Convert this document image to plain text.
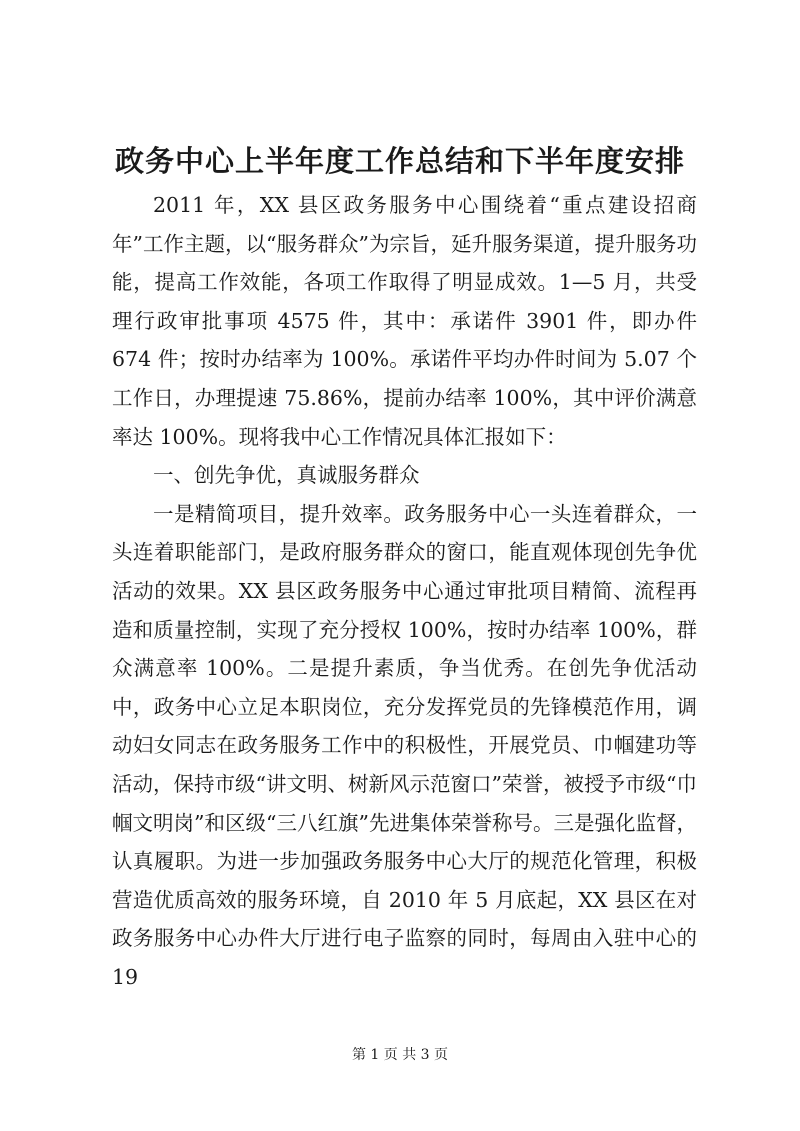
政务中心上半年度工作总结和下半年度安排

2011 年，XX 县区政务服务中心围绕着“重点建设招商年”工作主题，以“服务群众”为宗旨，延升服务渠道，提升服务功能，提高工作效能，各项工作取得了明显成效。1—5 月，共受理行政审批事项 4575 件，其中：承诺件 3901 件，即办件 674 件；按时办结率为 100%。承诺件平均办件时间为 5.07 个工作日，办理提速 75.86%，提前办结率 100%，其中评价满意率达 100%。现将我中心工作情况具体汇报如下：

一、创先争优，真诚服务群众

一是精简项目，提升效率。政务服务中心一头连着群众，一头连着职能部门，是政府服务群众的窗口，能直观体现创先争优活动的效果。XX 县区政务服务中心通过审批项目精简、流程再造和质量控制，实现了充分授权 100%，按时办结率 100%，群众满意率 100%。二是提升素质，争当优秀。在创先争优活动中，政务中心立足本职岗位，充分发挥党员的先锋模范作用，调动妇女同志在政务服务工作中的积极性，开展党员、巾帼建功等活动，保持市级“讲文明、树新风示范窗口”荣誉，被授予市级“巾帼文明岗”和区级“三八红旗”先进集体荣誉称号。三是强化监督，认真履职。为进一步加强政务服务中心大厅的规范化管理，积极营造优质高效的服务环境，自 2010 年 5 月底起，XX 县区在对政务服务中心办件大厅进行电子监察的同时，每周由入驻中心的19

第 1 页 共 3 页
